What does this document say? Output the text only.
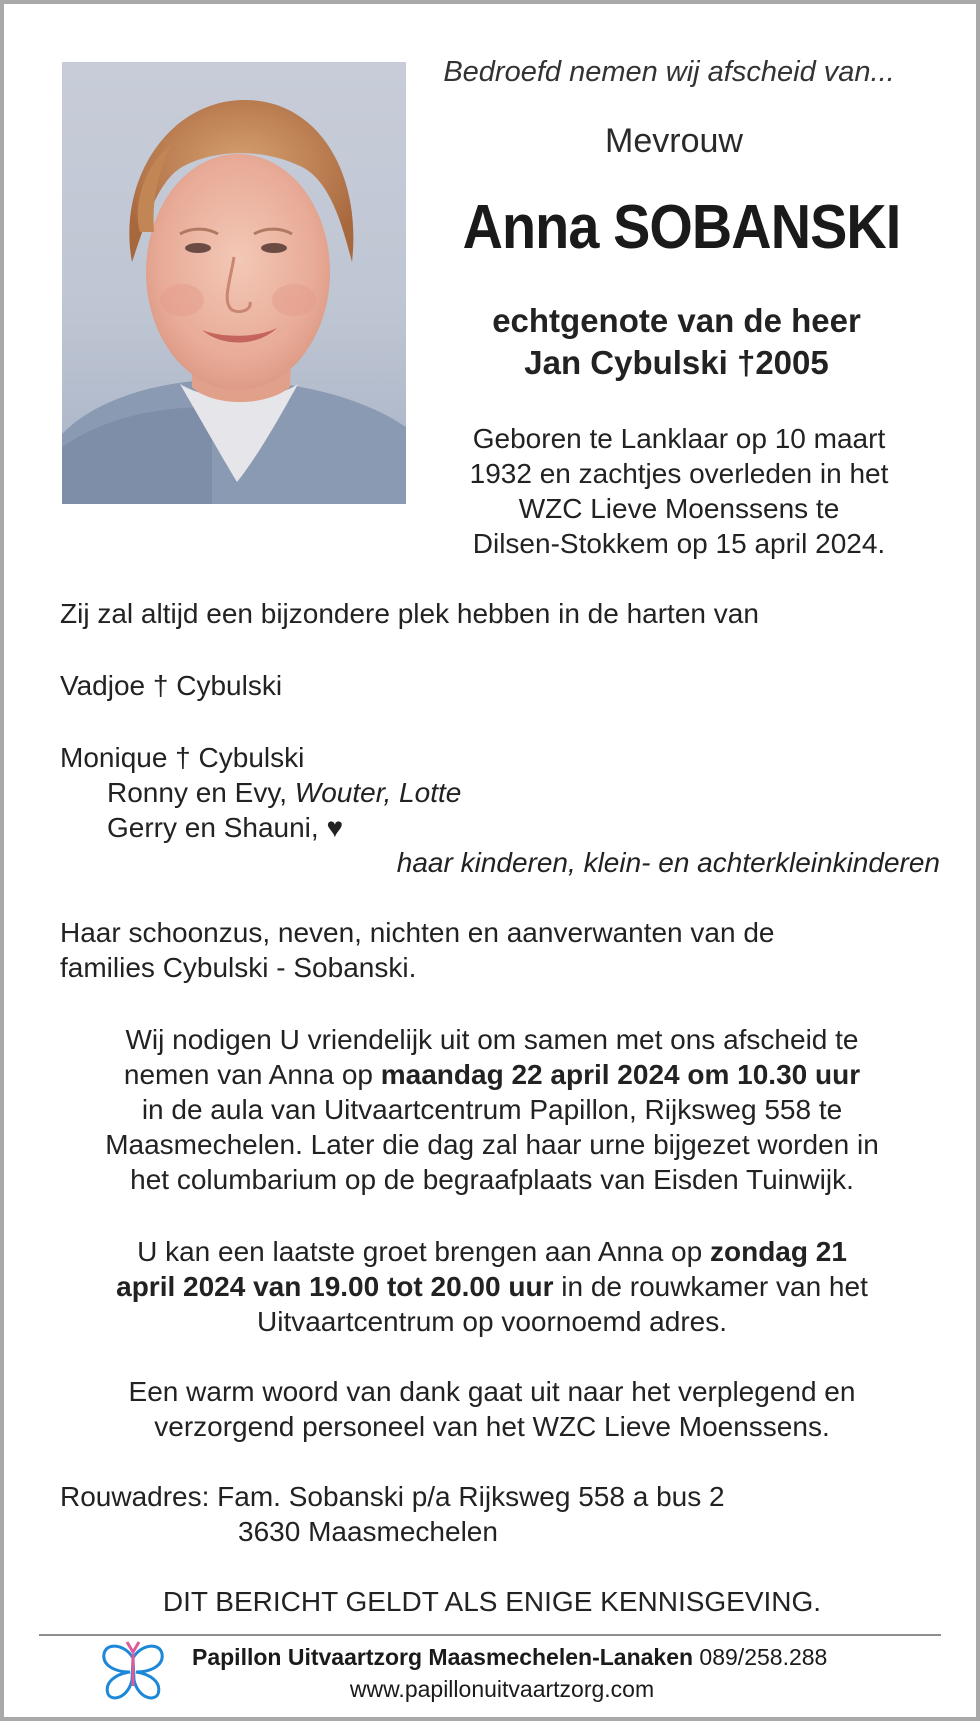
Bedroefd nemen wij afscheid van...

Mevrouw

Anna SOBANSKI

echtgenote van de heer
Jan Cybulski †2005
Geboren te Lanklaar op 10 maart
1932 en zachtjes overleden in het
WZC Lieve Moenssens te
Dilsen-Stokkem op 15 april 2024.
Zij zal altijd een bijzondere plek hebben in de harten van
Vadjoe † Cybulski
Monique † Cybulski
Ronny en Evy, Wouter, Lotte
Gerry en Shauni, ♥
haar kinderen, klein- en achterkleinkinderen
Haar schoonzus, neven, nichten en aanverwanten van de
families Cybulski - Sobanski.
Wij nodigen U vriendelijk uit om samen met ons afscheid te
nemen van Anna op maandag 22 april 2024 om 10.30 uur
in de aula van Uitvaartcentrum Papillon, Rijksweg 558 te
Maasmechelen. Later die dag zal haar urne bijgezet worden in
het columbarium op de begraafplaats van Eisden Tuinwijk.
U kan een laatste groet brengen aan Anna op zondag 21
april 2024 van 19.00 tot 20.00 uur in de rouwkamer van het
Uitvaartcentrum op voornoemd adres.
Een warm woord van dank gaat uit naar het verplegend en
verzorgend personeel van het WZC Lieve Moenssens.
Rouwadres: Fam. Sobanski p/a Rijksweg 558 a bus 2
3630 Maasmechelen
DIT BERICHT GELDT ALS ENIGE KENNISGEVING.
Papillon Uitvaartzorg Maasmechelen-Lanaken 089/258.288
www.papillonuitvaartzorg.com
